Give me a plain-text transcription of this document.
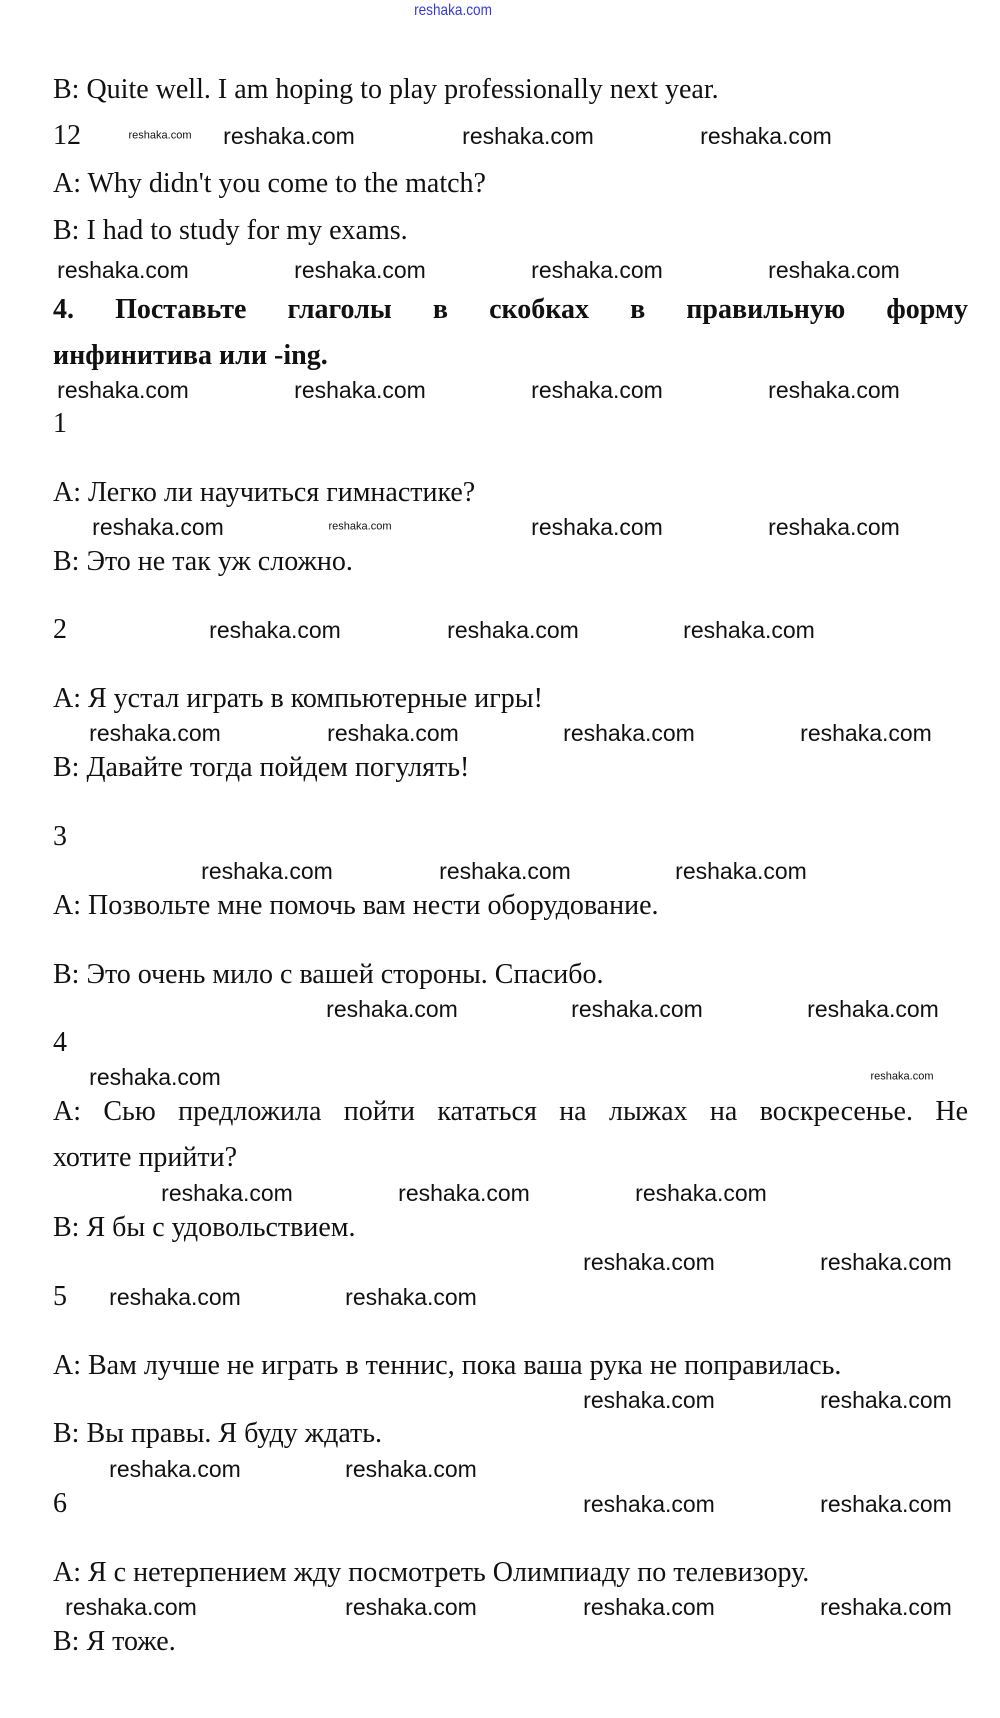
reshaka.com
B: Quite well. I am hoping to play professionally next year.
12
A: Why didn't you come to the match?
B: I had to study for my exams.
4. Поставьте глаголы в скобках в правильную форму
инфинитива или -ing.
1
A: Легко ли научиться гимнастике?
B: Это не так уж сложно.
2
A: Я устал играть в компьютерные игры!
B: Давайте тогда пойдем погулять!
3
A: Позвольте мне помочь вам нести оборудование.
B: Это очень мило с вашей стороны. Спасибо.
4
A: Сью предложила пойти кататься на лыжах на воскресенье. Не
хотите прийти?
B: Я бы с удовольствием.
5
A: Вам лучше не играть в теннис, пока ваша рука не поправилась.
B: Вы правы. Я буду ждать.
6
A: Я с нетерпением жду посмотреть Олимпиаду по телевизору.
B: Я тоже.
reshaka.com reshaka.com	reshaka.com	reshaka.com
reshaka.com	reshaka.com	reshaka.com	reshaka.com
reshaka.com	reshaka.com	reshaka.com	reshaka.com
reshaka.com	reshaka.com	reshaka.com	reshaka.com
reshaka.com	reshaka.com	reshaka.com
reshaka.com	reshaka.com	reshaka.com	reshaka.com
reshaka.com	reshaka.com	reshaka.com
reshaka.com	reshaka.com	reshaka.com
reshaka.com	reshaka.com
reshaka.com	reshaka.com	reshaka.com
reshaka.com	reshaka.com
reshaka.com	reshaka.com
reshaka.com	reshaka.com
reshaka.com	reshaka.com
reshaka.com	reshaka.com
reshaka.com	reshaka.com	reshaka.com	reshaka.com
